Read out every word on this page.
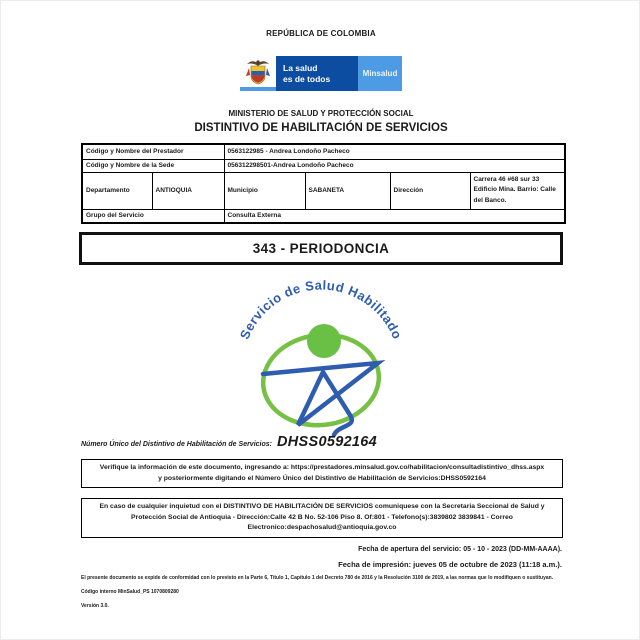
REPÚBLICA DE COLOMBIA
La salud
es de todos	Minsalud
MINISTERIO DE SALUD Y PROTECCIÓN SOCIAL
DISTINTIVO DE HABILITACIÓN DE SERVICIOS
Código y Nombre del Prestador		0563122985 - Andrea Londoño Pacheco			
Código y Nombre de la Sede		056312298501-Andrea Londoño Pacheco			
Departamento	ANTIOQUIA	Municipio	SABANETA	Dirección	Carrera 46 #68 sur 33 Edificio Mina. Barrio: Calle del Banco.
Grupo del Servicio		Consulta Externa			
343 - PERIODONCIA
Servicio de Salud Habilitado
Número Único del Distintivo de Habilitación de Servicios: DHSS0592164
Verifique la información de este documento, ingresando a: https://prestadores.minsalud.gov.co/habilitacion/consultadistintivo_dhss.aspx
y posteriormente digitando el Número Único del Distintivo de Habilitación de Servicios:DHSS0592164
En caso de cualquier inquietud con el DISTINTIVO DE HABILITACIÓN DE SERVICIOS comuniquese con la Secretaria Seccional de Salud y
Protección Social de Antioquia - Dirección:Calle 42 B No. 52-106 Piso 8. Of:801 - Telefono(s):3839802 3839841 - Correo
Electronico:despachosalud@antioquia.gov.co
Fecha de apertura del servicio: 05 - 10 - 2023 (DD-MM-AAAA).
Fecha de impresión: jueves 05 de octubre de 2023 (11:18 a.m.).
El presente documento se expide de conformidad con lo previsto en la Parte 6, Título 1, Capítulo 1 del Decreto 780 de 2016 y la Resolución 3100 de 2019, a las normas que lo modifiquen o sustituyan.
Código interno MinSalud_PS 1070809280
Versión 3.0.
